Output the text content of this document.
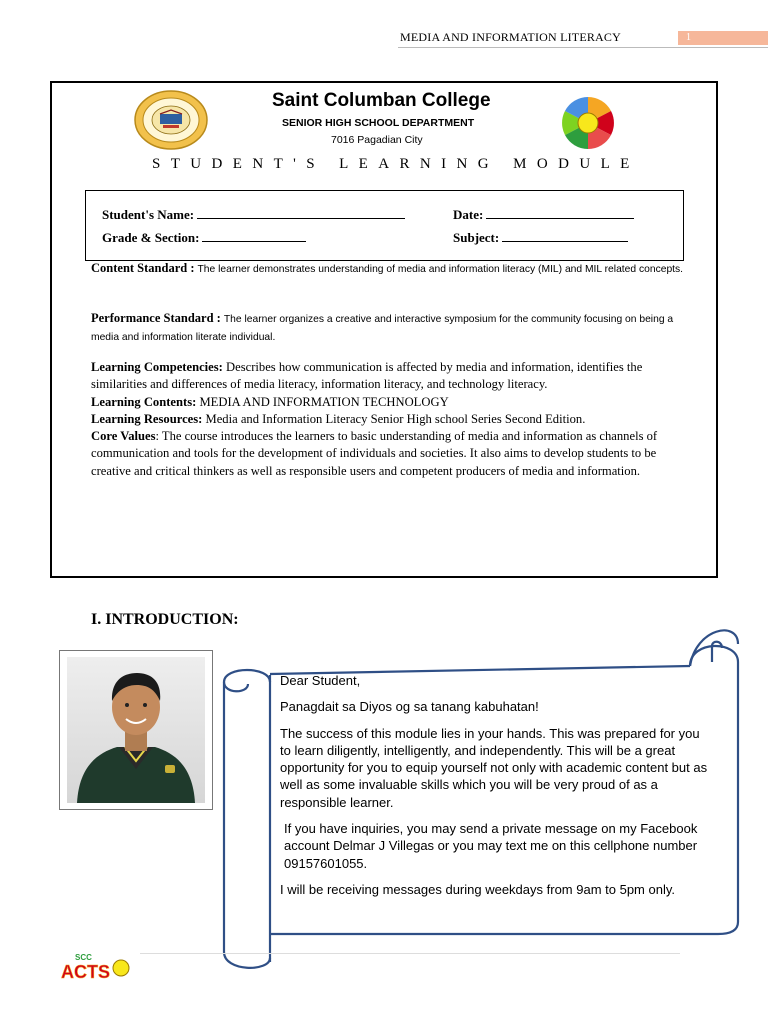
MEDIA AND INFORMATION LITERACY	1
Saint Columban College
SENIOR HIGH SCHOOL DEPARTMENT
7016 Pagadian City
STUDENT'S LEARNING MODULE
Student's Name:	Date:
Grade & Section:	Subject:
Content Standard : The learner demonstrates understanding of media and information literacy (MIL) and MIL related concepts.
Performance Standard : The learner organizes a creative and interactive symposium for the community focusing on being a media and information literate individual.

Learning Competencies: Describes how communication is affected by media and information, identifies the similarities and differences of media literacy, information literacy, and technology literacy.

Learning Contents: MEDIA AND INFORMATION TECHNOLOGY

Learning Resources: Media and Information Literacy Senior High school Series Second Edition.

Core Values: The course introduces the learners to basic understanding of media and information as channels of communication and tools for the development of individuals and societies. It also aims to develop students to be creative and critical thinkers as well as responsible users and competent producers of media and information.

I. INTRODUCTION:

Dear Student,

Panagdait sa Diyos og sa tanang kabuhatan!

The success of this module lies in your hands. This was prepared for you to learn diligently, intelligently, and independently. This will be a great opportunity for you to equip yourself not only with academic content but as well as some invaluable skills which you will be very proud of as a responsible learner.

If you have inquiries, you may send a private message on my Facebook account Delmar J Villegas or you may text me on this cellphone number 09157601055.

I will be receiving messages during weekdays from 9am to 5pm only.

SCC
ACTS
